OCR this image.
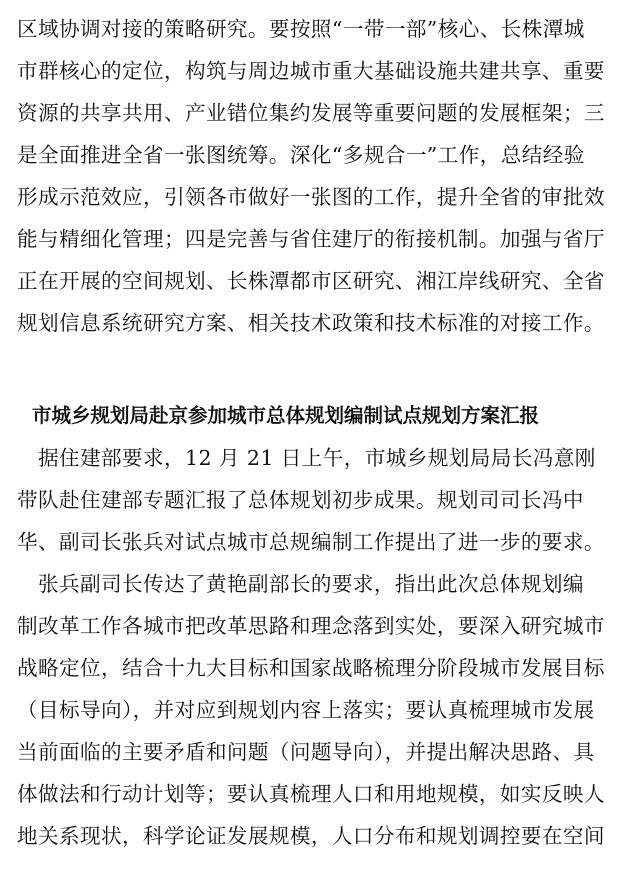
区域协调对接的策略研究。要按照“一带一部”核心、长株潭城
市群核心的定位，构筑与周边城市重大基础设施共建共享、重要
资源的共享共用、产业错位集约发展等重要问题的发展框架；三
是全面推进全省一张图统筹。深化“多规合一”工作，总结经验
形成示范效应，引领各市做好一张图的工作，提升全省的审批效
能与精细化管理；四是完善与省住建厅的衔接机制。加强与省厅
正在开展的空间规划、长株潭都市区研究、湘江岸线研究、全省
规划信息系统研究方案、相关技术政策和技术标准的对接工作。
市城乡规划局赴京参加城市总体规划编制试点规划方案汇报
　据住建部要求，12 月 21 日上午，市城乡规划局局长冯意刚
带队赴住建部专题汇报了总体规划初步成果。规划司司长冯中
华、副司长张兵对试点城市总规编制工作提出了进一步的要求。
　张兵副司长传达了黄艳副部长的要求，指出此次总体规划编
制改革工作各城市把改革思路和理念落到实处，要深入研究城市
战略定位，结合十九大目标和国家战略梳理分阶段城市发展目标
（目标导向），并对应到规划内容上落实；要认真梳理城市发展
当前面临的主要矛盾和问题（问题导向），并提出解决思路、具
体做法和行动计划等；要认真梳理人口和用地规模，如实反映人
地关系现状，科学论证发展规模，人口分布和规划调控要在空间
